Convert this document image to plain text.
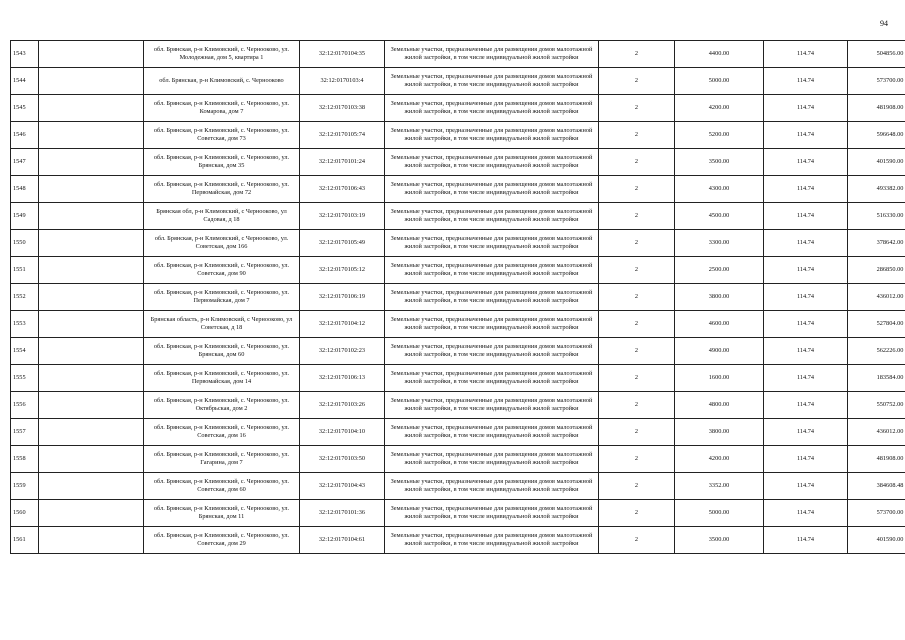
94
1543		обл. Брянская, р-н Климовский, с. Чернооково, ул. Молодежная, дом 5, квартира 1	32:12:0170104:35	Земельные участки, предназначенные для размещения домов малоэтажной жилой застройки, в том числе индивидуальной жилой застройки	2	4400.00	114.74	504856.00
1544		обл. Брянская, р-н Климовский, с. Чернооково	32:12:0170103:4	Земельные участки, предназначенные для размещения домов малоэтажной жилой застройки, в том числе индивидуальной жилой застройки	2	5000.00	114.74	573700.00
1545		обл. Брянская, р-н Климовский, с. Чернооково, ул. Комарова, дом 7	32:12:0170103:38	Земельные участки, предназначенные для размещения домов малоэтажной жилой застройки, в том числе индивидуальной жилой застройки	2	4200.00	114.74	481908.00
1546		обл. Брянская, р-н Климовский, с. Чернооково, ул. Советская, дом 73	32:12:0170105:74	Земельные участки, предназначенные для размещения домов малоэтажной жилой застройки, в том числе индивидуальной жилой застройки	2	5200.00	114.74	596648.00
1547		обл. Брянская, р-н Климовский, с. Чернооково, ул. Брянская, дом 35	32:12:0170101:24	Земельные участки, предназначенные для размещения домов малоэтажной жилой застройки, в том числе индивидуальной жилой застройки	2	3500.00	114.74	401590.00
1548		обл. Брянская, р-н Климовский, с. Чернооково, ул. Первомайская, дом 72	32:12:0170106:43	Земельные участки, предназначенные для размещения домов малоэтажной жилой застройки, в том числе индивидуальной жилой застройки	2	4300.00	114.74	493382.00
1549		Брянская обл, р-н Климовский, с Чернооково, ул Садовая, д 18	32:12:0170103:19	Земельные участки, предназначенные для размещения домов малоэтажной жилой застройки, в том числе индивидуальной жилой застройки	2	4500.00	114.74	516330.00
1550		обл. Брянская, р-н Климовский, с Чернооково, ул. Советская, дом 166	32:12:0170105:49	Земельные участки, предназначенные для размещения домов малоэтажной жилой застройки, в том числе индивидуальной жилой застройки	2	3300.00	114.74	378642.00
1551		обл. Брянская, р-н Климовский, с. Чернооково, ул. Советская, дом 90	32:12:0170105:12	Земельные участки, предназначенные для размещения домов малоэтажной жилой застройки, в том числе индивидуальной жилой застройки	2	2500.00	114.74	286850.00
1552		обл. Брянская, р-н Климовский, с. Чернооково, ул. Первомайская, дом 7	32:12:0170106:19	Земельные участки, предназначенные для размещения домов малоэтажной жилой застройки, в том числе индивидуальной жилой застройки	2	3800.00	114.74	436012.00
1553		Брянская область, р-н Климовский, с Чернооково, ул Советская, д 18	32:12:0170104:12	Земельные участки, предназначенные для размещения домов малоэтажной жилой застройки, в том числе индивидуальной жилой застройки	2	4600.00	114.74	527804.00
1554		обл. Брянская, р-н Климовский, с. Чернооково, ул. Брянская, дом 60	32:12:0170102:23	Земельные участки, предназначенные для размещения домов малоэтажной жилой застройки, в том числе индивидуальной жилой застройки	2	4900.00	114.74	562226.00
1555		обл. Брянская, р-н Климовский, с. Чернооково, ул. Первомайская, дом 14	32:12:0170106:13	Земельные участки, предназначенные для размещения домов малоэтажной жилой застройки, в том числе индивидуальной жилой застройки	2	1600.00	114.74	183584.00
1556		обл. Брянская, р-н Климовский, с. Чернооково, ул. Октябрьская, дом 2	32:12:0170103:26	Земельные участки, предназначенные для размещения домов малоэтажной жилой застройки, в том числе индивидуальной жилой застройки	2	4800.00	114.74	550752.00
1557		обл. Брянская, р-н Климовский, с. Чернооково, ул. Советская, дом 16	32:12:0170104:10	Земельные участки, предназначенные для размещения домов малоэтажной жилой застройки, в том числе индивидуальной жилой застройки	2	3800.00	114.74	436012.00
1558		обл. Брянская, р-н Климовский, с. Чернооково, ул. Гагарина, дом 7	32:12:0170103:50	Земельные участки, предназначенные для размещения домов малоэтажной жилой застройки, в том числе индивидуальной жилой застройки	2	4200.00	114.74	481908.00
1559		обл. Брянская, р-н Климовский, с. Чернооково, ул. Советская, дом 60	32:12:0170104:43	Земельные участки, предназначенные для размещения домов малоэтажной жилой застройки, в том числе индивидуальной жилой застройки	2	3352.00	114.74	384608.48
1560		обл. Брянская, р-н Климовский, с. Чернооково, ул. Брянская, дом 11	32:12:0170101:36	Земельные участки, предназначенные для размещения домов малоэтажной жилой застройки, в том числе индивидуальной жилой застройки	2	5000.00	114.74	573700.00
1561		обл. Брянская, р-н Климовский, с. Чернооково, ул. Советская, дом 29	32:12:0170104:61	Земельные участки, предназначенные для размещения домов малоэтажной жилой застройки, в том числе индивидуальной жилой застройки	2	3500.00	114.74	401590.00
